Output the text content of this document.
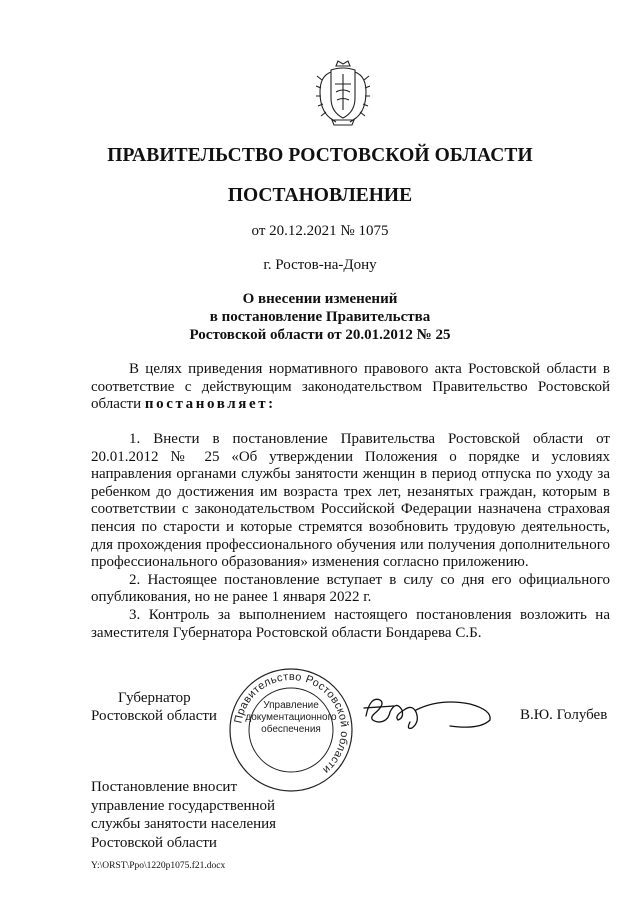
ПРАВИТЕЛЬСТВО РОСТОВСКОЙ ОБЛАСТИ
ПОСТАНОВЛЕНИЕ
от 20.12.2021 № 1075
г. Ростов-на-Дону
О внесении изменений
в постановление Правительства
Ростовской области от 20.01.2012 № 25

В целях приведения нормативного правового акта Ростовской области в соответствие с действующим законодательством Правительство Ростовской области постановляет:

1. Внести в постановление Правительства Ростовской области от 20.01.2012 № 25 «Об утверждении Положения о порядке и условиях направления органами службы занятости женщин в период отпуска по уходу за ребенком до достижения им возраста трех лет, незанятых граждан, которым в соответствии с законодательством Российской Федерации назначена страховая пенсия по старости и которые стремятся возобновить трудовую деятельность, для прохождения профессионального обучения или получения дополнительного профессионального образования» изменения согласно приложению.

2. Настоящее постановление вступает в силу со дня его официального опубликования, но не ранее 1 января 2022 г.

3. Контроль за выполнением настоящего постановления возложить на заместителя Губернатора Ростовской области Бондарева С.Б.

Губернатор
Ростовской области Правительство Ростовской области
Управление
документационного
обеспечения
В.Ю. Голубев
Постановление вносит
управление государственной
службы занятости населения
Ростовской области
Y:\ORST\Ppo\1220p1075.f21.docx
